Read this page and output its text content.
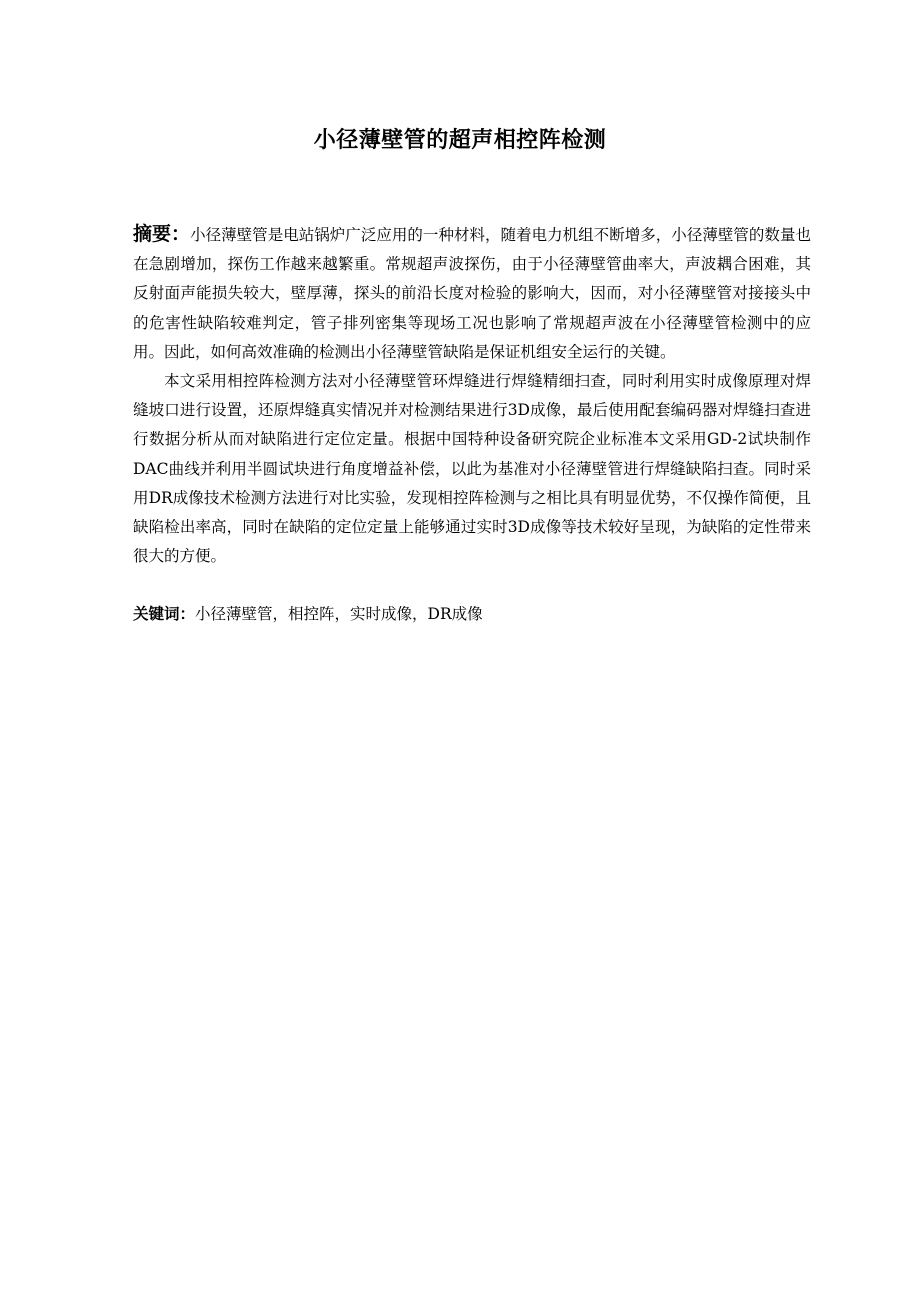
小径薄壁管的超声相控阵检测

摘要：小径薄壁管是电站锅炉广泛应用的一种材料，随着电力机组不断增多，小径薄壁管的数量也在急剧增加，探伤工作越来越繁重。常规超声波探伤，由于小径薄壁管曲率大，声波耦合困难，其反射面声能损失较大，壁厚薄，探头的前沿长度对检验的影响大，因而，对小径薄壁管对接接头中的危害性缺陷较难判定，管子排列密集等现场工况也影响了常规超声波在小径薄壁管检测中的应用。因此，如何高效准确的检测出小径薄壁管缺陷是保证机组安全运行的关键。

本文采用相控阵检测方法对小径薄壁管环焊缝进行焊缝精细扫查，同时利用实时成像原理对焊缝坡口进行设置，还原焊缝真实情况并对检测结果进行3D成像，最后使用配套编码器对焊缝扫查进行数据分析从而对缺陷进行定位定量。根据中国特种设备研究院企业标准本文采用GD-2试块制作DAC曲线并利用半圆试块进行角度增益补偿，以此为基准对小径薄壁管进行焊缝缺陷扫查。同时采用DR成像技术检测方法进行对比实验，发现相控阵检测与之相比具有明显优势，不仅操作简便，且缺陷检出率高，同时在缺陷的定位定量上能够通过实时3D成像等技术较好呈现，为缺陷的定性带来很大的方便。

关键词：小径薄壁管，相控阵，实时成像，DR成像
